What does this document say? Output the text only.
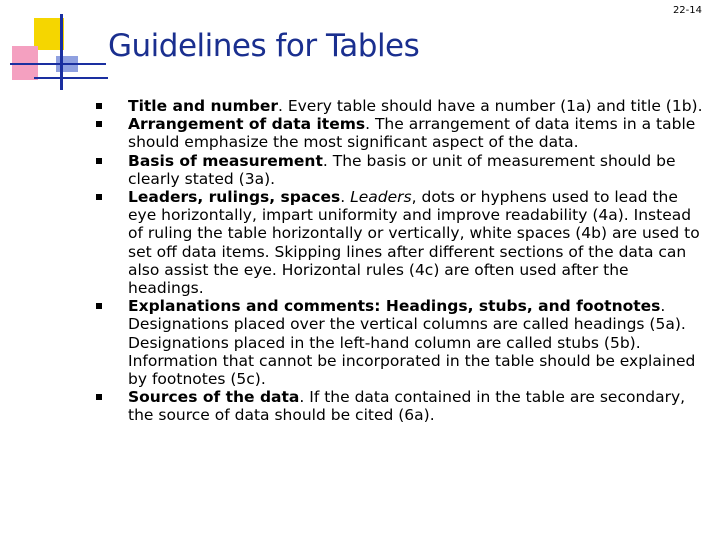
22-14
Guidelines for Tables
Title and number. Every table should have a number (1a) and title (1b).
Arrangement of data items. The arrangement of data items in a table should emphasize the most significant aspect of the data.
Basis of measurement. The basis or unit of measurement should be clearly stated (3a).
Leaders, rulings, spaces. Leaders, dots or hyphens used to lead the eye horizontally, impart uniformity and improve readability (4a). Instead of ruling the table horizontally or vertically, white spaces (4b) are used to set off data items. Skipping lines after different sections of the data can also assist the eye. Horizontal rules (4c) are often used after the headings.
Explanations and comments: Headings, stubs, and footnotes. Designations placed over the vertical columns are called headings (5a). Designations placed in the left-hand column are called stubs (5b). Information that cannot be incorporated in the table should be explained by footnotes (5c).
Sources of the data. If the data contained in the table are secondary, the source of data should be cited (6a).
